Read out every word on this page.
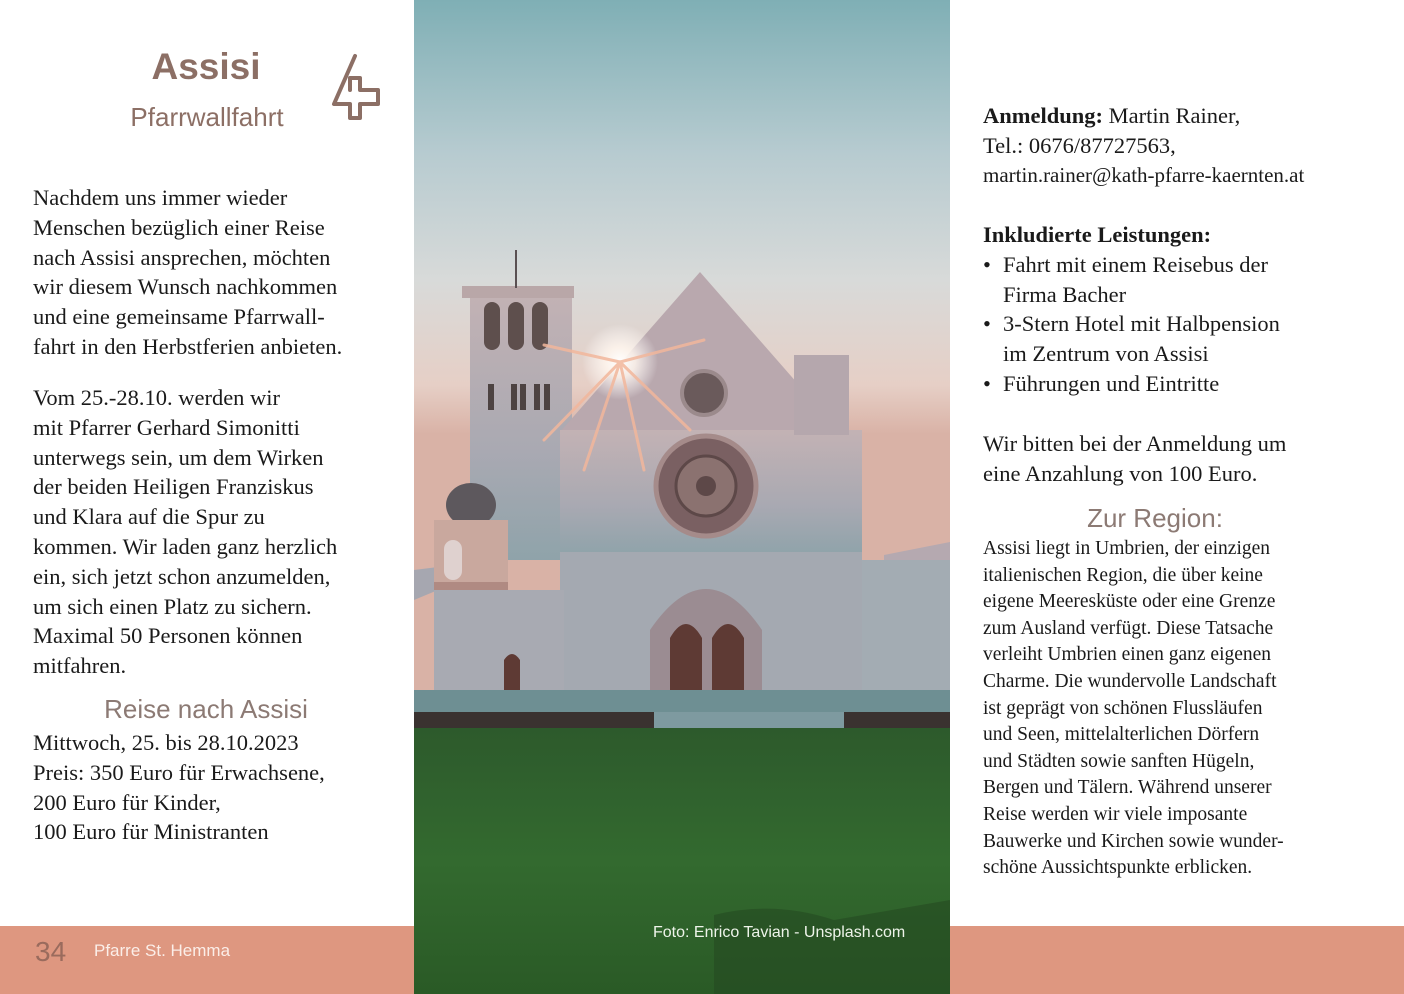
Assisi
Pfarrwallfahrt
Nachdem uns immer wieder
Menschen bezüglich einer Reise
nach Assisi ansprechen, möchten
wir diesem Wunsch nachkommen
und eine gemeinsame Pfarrwall-
fahrt in den Herbstferien anbieten.
Vom 25.-28.10. werden wir
mit Pfarrer Gerhard Simonitti
unterwegs sein, um dem Wirken
der beiden Heiligen Franziskus
und Klara auf die Spur zu
kommen. Wir laden ganz herzlich
ein, sich jetzt schon anzumelden,
um sich einen Platz zu sichern.
Maximal 50 Personen können
mitfahren.
Reise nach Assisi
Mittwoch, 25. bis 28.10.2023
Preis: 350 Euro für Erwachsene,
200 Euro für Kinder,
100 Euro für Ministranten
34 Pfarre St. Hemma
Foto: Enrico Tavian - Unsplash.com
Anmeldung: Martin Rainer,
Tel.: 0676/87727563,
martin.rainer@kath-pfarre-kaernten.at
Inkludierte Leistungen:
• Fahrt mit einem Reisebus der
Firma Bacher
• 3-Stern Hotel mit Halbpension
im Zentrum von Assisi
• Führungen und Eintritte
Wir bitten bei der Anmeldung um
eine Anzahlung von 100 Euro.
Zur Region:
Assisi liegt in Umbrien, der einzigen
italienischen Region, die über keine
eigene Meeresküste oder eine Grenze
zum Ausland verfügt. Diese Tatsache
verleiht Umbrien einen ganz eigenen
Charme. Die wundervolle Landschaft
ist geprägt von schönen Flussläufen
und Seen, mittelalterlichen Dörfern
und Städten sowie sanften Hügeln,
Bergen und Tälern. Während unserer
Reise werden wir viele imposante
Bauwerke und Kirchen sowie wunder-
schöne Aussichtspunkte erblicken.
